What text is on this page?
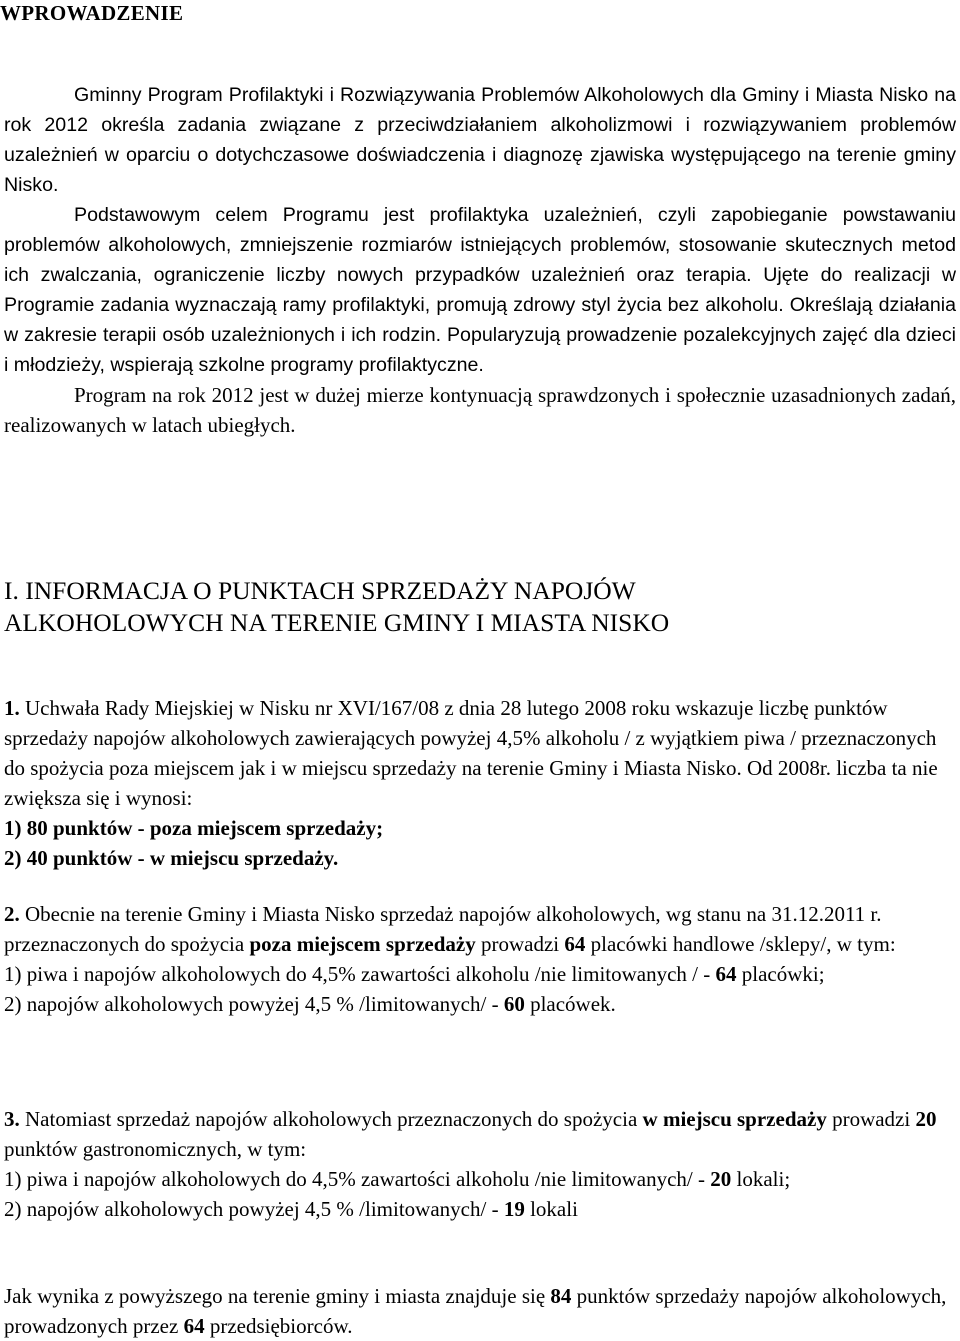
WPROWADZENIE

Gminny Program Profilaktyki i Rozwiązywania Problemów Alkoholowych dla Gminy i Miasta Nisko na rok 2012 określa zadania związane z przeciwdziałaniem alkoholizmowi i rozwiązywaniem problemów uzależnień w oparciu o dotychczasowe doświadczenia i diagnozę zjawiska występującego na terenie gminy Nisko.

Podstawowym celem Programu jest profilaktyka uzależnień, czyli zapobieganie powstawaniu problemów alkoholowych, zmniejszenie rozmiarów istniejących problemów, stosowanie skutecznych metod ich zwalczania, ograniczenie liczby nowych przypadków uzależnień oraz terapia. Ujęte do realizacji w Programie zadania wyznaczają ramy profilaktyki, promują zdrowy styl życia bez alkoholu. Określają działania w zakresie terapii osób uzależnionych i ich rodzin. Popularyzują prowadzenie pozalekcyjnych zajęć dla dzieci i młodzieży, wspierają szkolne programy profilaktyczne.

Program na rok 2012 jest w dużej mierze kontynuacją sprawdzonych i społecznie uzasadnionych zadań, realizowanych w latach ubiegłych.

I. INFORMACJA O PUNKTACH SPRZEDAŻY NAPOJÓW
ALKOHOLOWYCH NA TERENIE GMINY I MIASTA NISKO

1. Uchwała Rady Miejskiej w Nisku nr XVI/167/08 z dnia 28 lutego 2008 roku wskazuje liczbę punktów sprzedaży napojów alkoholowych zawierających powyżej 4,5% alkoholu / z wyjątkiem piwa / przeznaczonych do spożycia poza miejscem jak i w miejscu sprzedaży na terenie Gminy i Miasta Nisko. Od 2008r. liczba ta nie zwiększa się i wynosi:

1) 80 punktów - poza miejscem sprzedaży;

2) 40 punktów - w miejscu sprzedaży.

2. Obecnie na terenie Gminy i Miasta Nisko sprzedaż napojów alkoholowych, wg stanu na 31.12.2011 r. przeznaczonych do spożycia poza miejscem sprzedaży prowadzi 64 placówki handlowe /sklepy/, w tym:

1) piwa i napojów alkoholowych do 4,5% zawartości alkoholu /nie limitowanych / - 64 placówki;

2) napojów alkoholowych powyżej 4,5 % /limitowanych/ - 60 placówek.

3. Natomiast sprzedaż napojów alkoholowych przeznaczonych do spożycia w miejscu sprzedaży prowadzi 20 punktów gastronomicznych, w tym:

1) piwa i napojów alkoholowych do 4,5% zawartości alkoholu /nie limitowanych/ - 20 lokali;

2) napojów alkoholowych powyżej 4,5 % /limitowanych/ - 19 lokali

Jak wynika z powyższego na terenie gminy i miasta znajduje się 84 punktów sprzedaży napojów alkoholowych, prowadzonych przez 64 przedsiębiorców.
